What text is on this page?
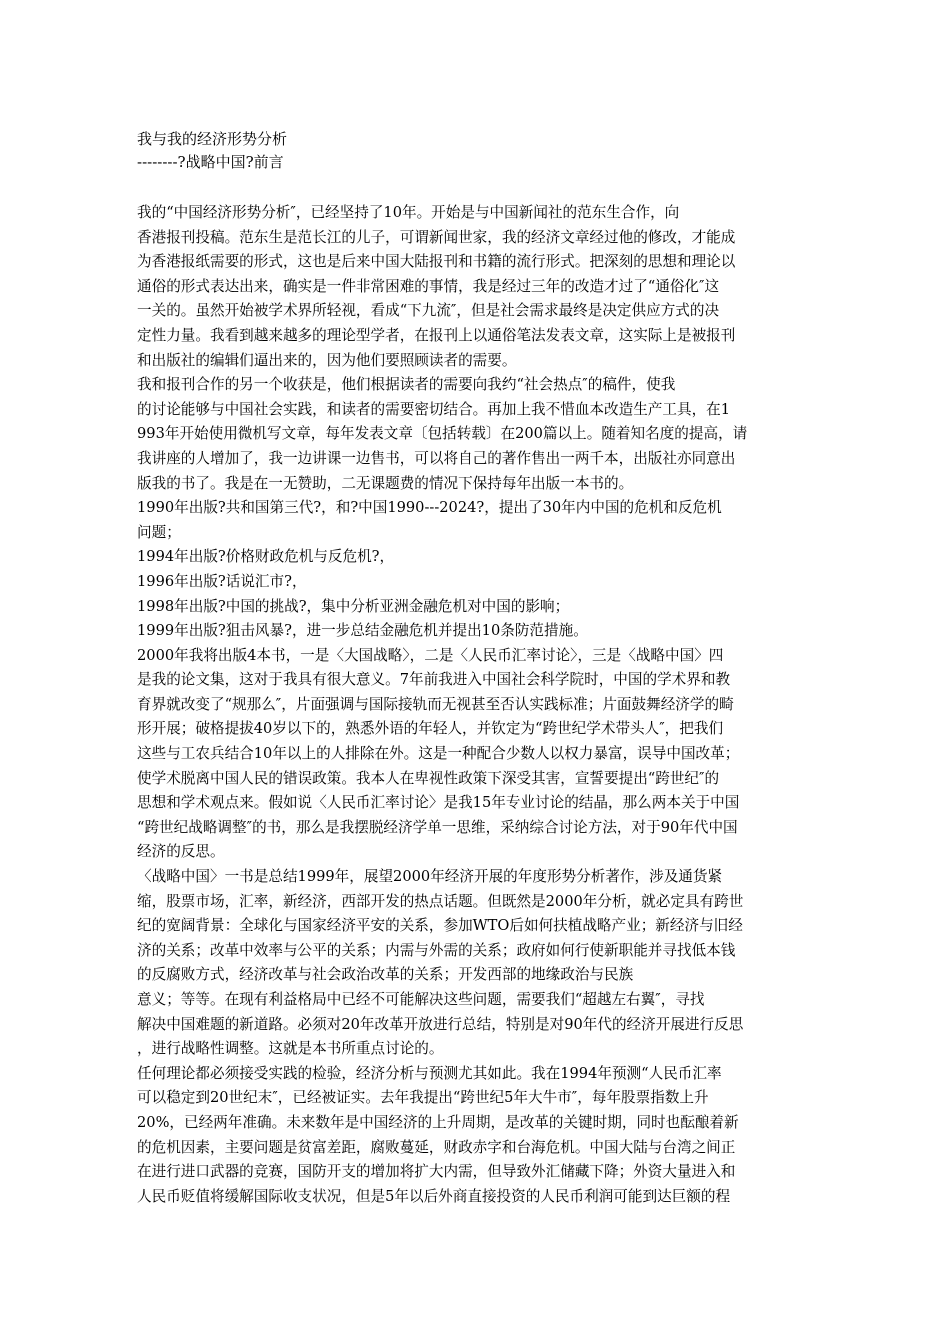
我与我的经济形势分析
--------?战略中国?前言
我的“中国经济形势分析″，已经坚持了10年。开始是与中国新闻社的范东生合作，向
香港报刊投稿。范东生是范长江的儿子，可谓新闻世家，我的经济文章经过他的修改，才能成
为香港报纸需要的形式，这也是后来中国大陆报刊和书籍的流行形式。把深刻的思想和理论以
通俗的形式表达出来，确实是一件非常困难的事情，我是经过三年的改造才过了“通俗化″这
一关的。虽然开始被学术界所轻视，看成“下九流″，但是社会需求最终是决定供应方式的决
定性力量。我看到越来越多的理论型学者，在报刊上以通俗笔法发表文章，这实际上是被报刊
和出版社的编辑们逼出来的，因为他们要照顾读者的需要。
我和报刊合作的另一个收获是，他们根据读者的需要向我约“社会热点″的稿件，使我
的讨论能够与中国社会实践，和读者的需要密切结合。再加上我不惜血本改造生产工具，在1
993年开始使用微机写文章，每年发表文章〔包括转载〕在200篇以上。随着知名度的提高，请
我讲座的人增加了，我一边讲课一边售书，可以将自己的著作售出一两千本，出版社亦同意出
版我的书了。我是在一无赞助，二无课题费的情况下保持每年出版一本书的。
1990年出版?共和国第三代?，和?中国1990---2024?，提出了30年内中国的危机和反危机
问题；
1994年出版?价格财政危机与反危机?，
1996年出版?话说汇市?，
1998年出版?中国的挑战?，集中分析亚洲金融危机对中国的影响；
1999年出版?狙击风暴?，进一步总结金融危机并提出10条防范措施。
2000年我将出版4本书，一是〈大国战略〉，二是〈人民币汇率讨论〉，三是〈战略中国〉四
是我的论文集，这对于我具有很大意义。7年前我进入中国社会科学院时，中国的学术界和教
育界就改变了“规那么″，片面强调与国际接轨而无视甚至否认实践标准；片面鼓舞经济学的畸
形开展；破格提拔40岁以下的，熟悉外语的年轻人，并钦定为“跨世纪学术带头人″，把我们
这些与工农兵结合10年以上的人排除在外。这是一种配合少数人以权力暴富，误导中国改革；
使学术脱离中国人民的错误政策。我本人在卑视性政策下深受其害，宣誓要提出“跨世纪″的
思想和学术观点来。假如说〈人民币汇率讨论〉是我15年专业讨论的结晶，那么两本关于中国
“跨世纪战略调整″的书，那么是我摆脱经济学单一思维，采纳综合讨论方法，对于90年代中国
经济的反思。
〈战略中国〉一书是总结1999年，展望2000年经济开展的年度形势分析著作，涉及通货紧
缩，股票市场，汇率，新经济，西部开发的热点话题。但既然是2000年分析，就必定具有跨世
纪的宽阔背景：全球化与国家经济平安的关系，参加WTO后如何扶植战略产业；新经济与旧经
济的关系；改革中效率与公平的关系；内需与外需的关系；政府如何行使新职能并寻找低本钱
的反腐败方式，经济改革与社会政治改革的关系；开发西部的地缘政治与民族
意义；等等。在现有利益格局中已经不可能解决这些问题，需要我们“超越左右翼″，寻找
解决中国难题的新道路。必须对20年改革开放进行总结，特别是对90年代的经济开展进行反思
，进行战略性调整。这就是本书所重点讨论的。
任何理论都必须接受实践的检验，经济分析与预测尤其如此。我在1994年预测“人民币汇率
可以稳定到20世纪末″，已经被证实。去年我提出“跨世纪5年大牛市″，每年股票指数上升
20%，已经两年准确。未来数年是中国经济的上升周期，是改革的关键时期，同时也酝酿着新
的危机因素，主要问题是贫富差距，腐败蔓延，财政赤字和台海危机。中国大陆与台湾之间正
在进行进口武器的竞赛，国防开支的增加将扩大内需，但导致外汇储藏下降；外资大量进入和
人民币贬值将缓解国际收支状况，但是5年以后外商直接投资的人民币利润可能到达巨额的程
